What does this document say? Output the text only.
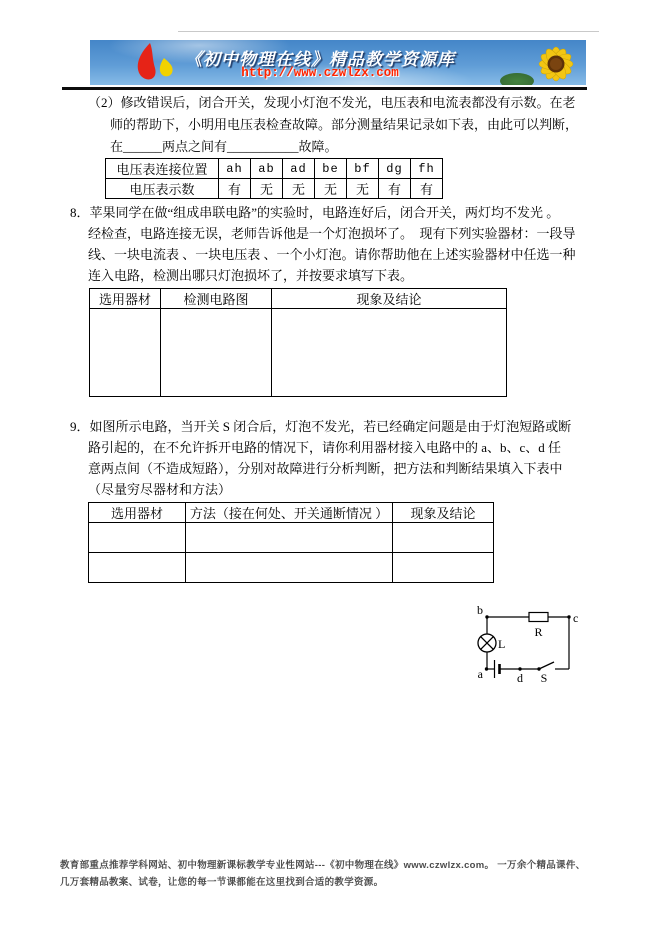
《初中物理在线》精品教学资源库
http://www.czwlzx.com
（2）修改错误后，闭合开关，发现小灯泡不发光，电压表和电流表都没有示数。在老
师的帮助下，小明用电压表检查故障。部分测量结果记录如下表，由此可以判断，
在______两点之间有___________故障。
电压表连接位置	ah	ab	ad	be	bf	dg	fh
电压表示数	有	无	无	无	无	有	有
8．苹果同学在做“组成串联电路”的实验时，电路连好后，闭合开关，两灯均不发光 。
经检查，电路连接无误，老师告诉他是一个灯泡损坏了。　现有下列实验器材：一段导
线、一块电流表 、一块电压表 、一个小灯泡。请你帮助他在上述实验器材中任选一种
连入电路，检测出哪只灯泡损坏了，并按要求填写下表。
选用器材	检测电路图	现象及结论

9．如图所示电路，当开关 S 闭合后，灯泡不发光，若已经确定问题是由于灯泡短路或断
路引起的，在不允许拆开电路的情况下，请你利用器材接入电路中的 a、b、c、d 任
意两点间（不造成短路），分别对故障进行分析判断，把方法和判断结果填入下表中
（尽量穷尽器材和方法）
选用器材	方法（接在何处、开关通断情况 ）	现象及结论

b
c
R
L
a	d S
教育部重点推荐学科网站、初中物理新课标教学专业性网站---《初中物理在线》www.czwlzx.com。 一万余个精品课件、
几万套精品教案、试卷，让您的每一节课都能在这里找到合适的教学资源。
